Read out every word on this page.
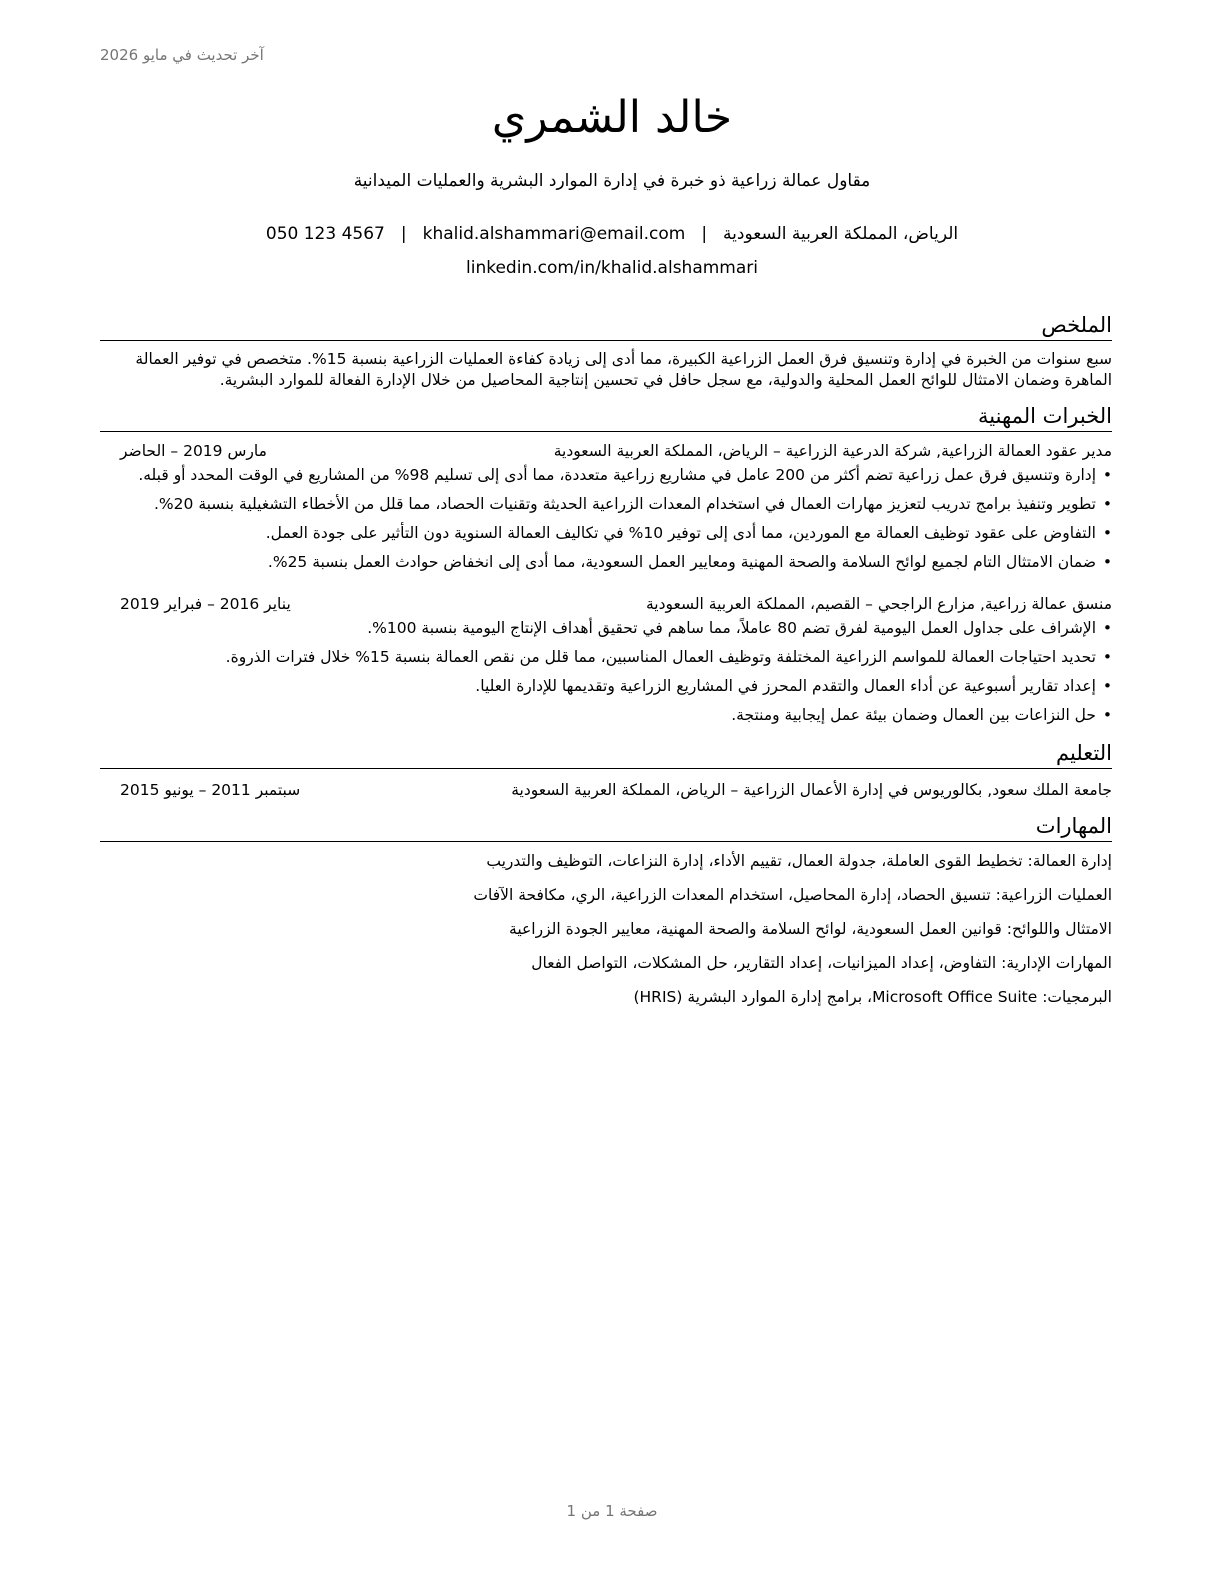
آخر تحديث في مايو 2026
خالد الشمري
مقاول عمالة زراعية ذو خبرة في إدارة الموارد البشرية والعمليات الميدانية
الرياض، المملكة العربية السعودية|khalid.alshammari@email.com|050 123 4567
linkedin.com/in/khalid.alshammari
الملخص

سبع سنوات من الخبرة في إدارة وتنسيق فرق العمل الزراعية الكبيرة، مما أدى إلى زيادة كفاءة العمليات الزراعية بنسبة 15%. متخصص في توفير العمالة الماهرة وضمان الامتثال للوائح العمل المحلية والدولية، مع سجل حافل في تحسين إنتاجية المحاصيل من خلال الإدارة الفعالة للموارد البشرية.

الخبرات المهنية
مدير عقود العمالة الزراعية, شركة الدرعية الزراعية – الرياض، المملكة العربية السعودية
مارس 2019 – الحاضر
• إدارة وتنسيق فرق عمل زراعية تضم أكثر من 200 عامل في مشاريع زراعية متعددة، مما أدى إلى تسليم 98% من المشاريع في الوقت المحدد أو قبله.
• تطوير وتنفيذ برامج تدريب لتعزيز مهارات العمال في استخدام المعدات الزراعية الحديثة وتقنيات الحصاد، مما قلل من الأخطاء التشغيلية بنسبة 20%.
• التفاوض على عقود توظيف العمالة مع الموردين، مما أدى إلى توفير 10% في تكاليف العمالة السنوية دون التأثير على جودة العمل.
• ضمان الامتثال التام لجميع لوائح السلامة والصحة المهنية ومعايير العمل السعودية، مما أدى إلى انخفاض حوادث العمل بنسبة 25%.
منسق عمالة زراعية, مزارع الراجحي – القصيم، المملكة العربية السعودية
يناير 2016 – فبراير 2019
• الإشراف على جداول العمل اليومية لفرق تضم 80 عاملاً، مما ساهم في تحقيق أهداف الإنتاج اليومية بنسبة 100%.
• تحديد احتياجات العمالة للمواسم الزراعية المختلفة وتوظيف العمال المناسبين، مما قلل من نقص العمالة بنسبة 15% خلال فترات الذروة.
• إعداد تقارير أسبوعية عن أداء العمال والتقدم المحرز في المشاريع الزراعية وتقديمها للإدارة العليا.
• حل النزاعات بين العمال وضمان بيئة عمل إيجابية ومنتجة.
التعليم
جامعة الملك سعود, بكالوريوس في إدارة الأعمال الزراعية – الرياض، المملكة العربية السعودية
سبتمبر 2011 – يونيو 2015
المهارات

إدارة العمالة: تخطيط القوى العاملة، جدولة العمال، تقييم الأداء، إدارة النزاعات، التوظيف والتدريب

العمليات الزراعية: تنسيق الحصاد، إدارة المحاصيل، استخدام المعدات الزراعية، الري، مكافحة الآفات

الامتثال واللوائح: قوانين العمل السعودية، لوائح السلامة والصحة المهنية، معايير الجودة الزراعية

المهارات الإدارية: التفاوض، إعداد الميزانيات، إعداد التقارير، حل المشكلات، التواصل الفعال

البرمجيات: Microsoft Office Suite، برامج إدارة الموارد البشرية (HRIS)

صفحة 1 من 1
